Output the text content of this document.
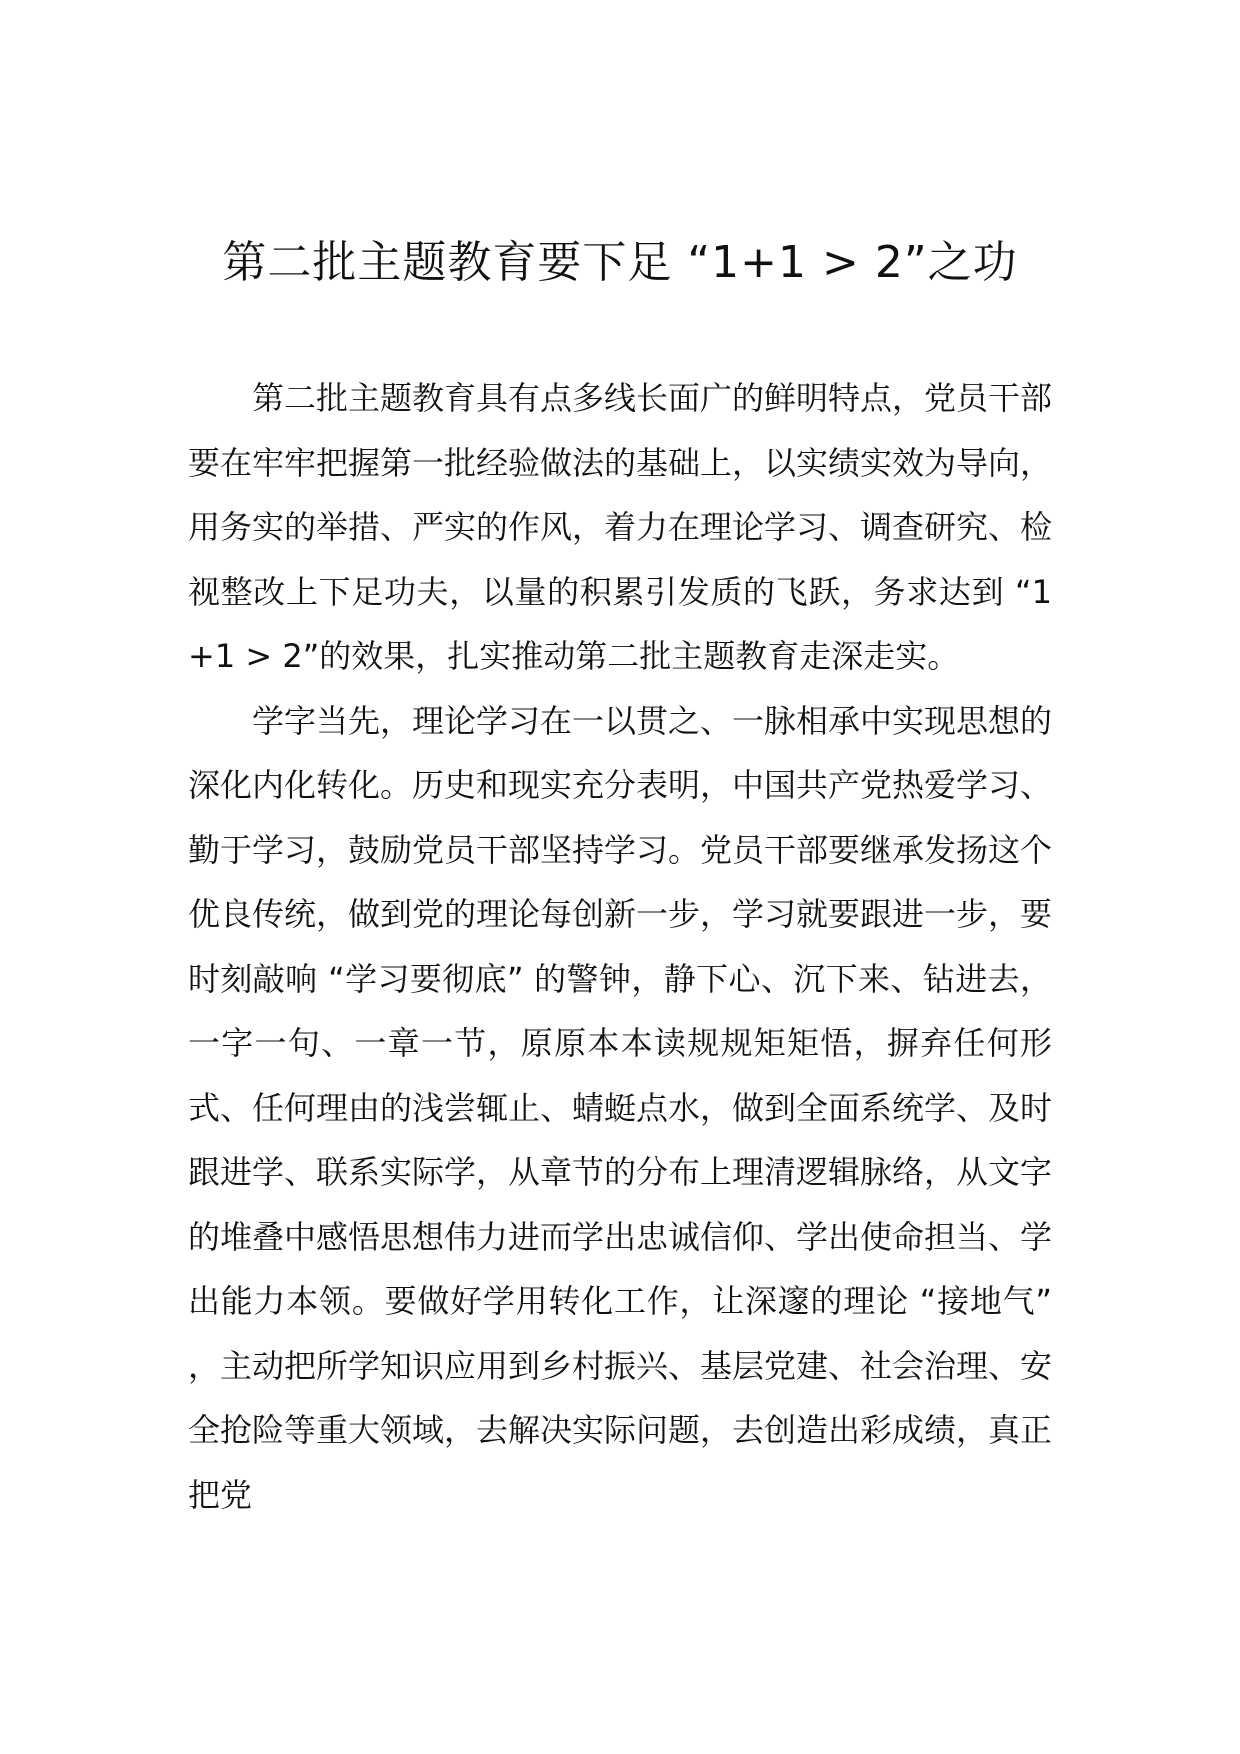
第二批主题教育要下足 “1+1 > 2”之功

第二批主题教育具有点多线长面广的鲜明特点，党员干部要在牢牢把握第一批经验做法的基础上，以实绩实效为导向，用务实的举措、严实的作风，着力在理论学习、调查研究、检视整改上下足功夫，以量的积累引发质的飞跃，务求达到 “1+1 > 2”的效果，扎实推动第二批主题教育走深走实。

学字当先，理论学习在一以贯之、一脉相承中实现思想的深化内化转化。历史和现实充分表明，中国共产党热爱学习、勤于学习，鼓励党员干部坚持学习。党员干部要继承发扬这个优良传统，做到党的理论每创新一步，学习就要跟进一步，要时刻敲响 “学习要彻底” 的警钟，静下心、沉下来、钻进去，一字一句、一章一节，原原本本读规规矩矩悟，摒弃任何形式、任何理由的浅尝辄止、蜻蜓点水，做到全面系统学、及时跟进学、联系实际学，从章节的分布上理清逻辑脉络，从文字的堆叠中感悟思想伟力进而学出忠诚信仰、学出使命担当、学出能力本领。要做好学用转化工作，让深邃的理论 “接地气” ，主动把所学知识应用到乡村振兴、基层党建、社会治理、安全抢险等重大领域，去解决实际问题，去创造出彩成绩，真正把党
